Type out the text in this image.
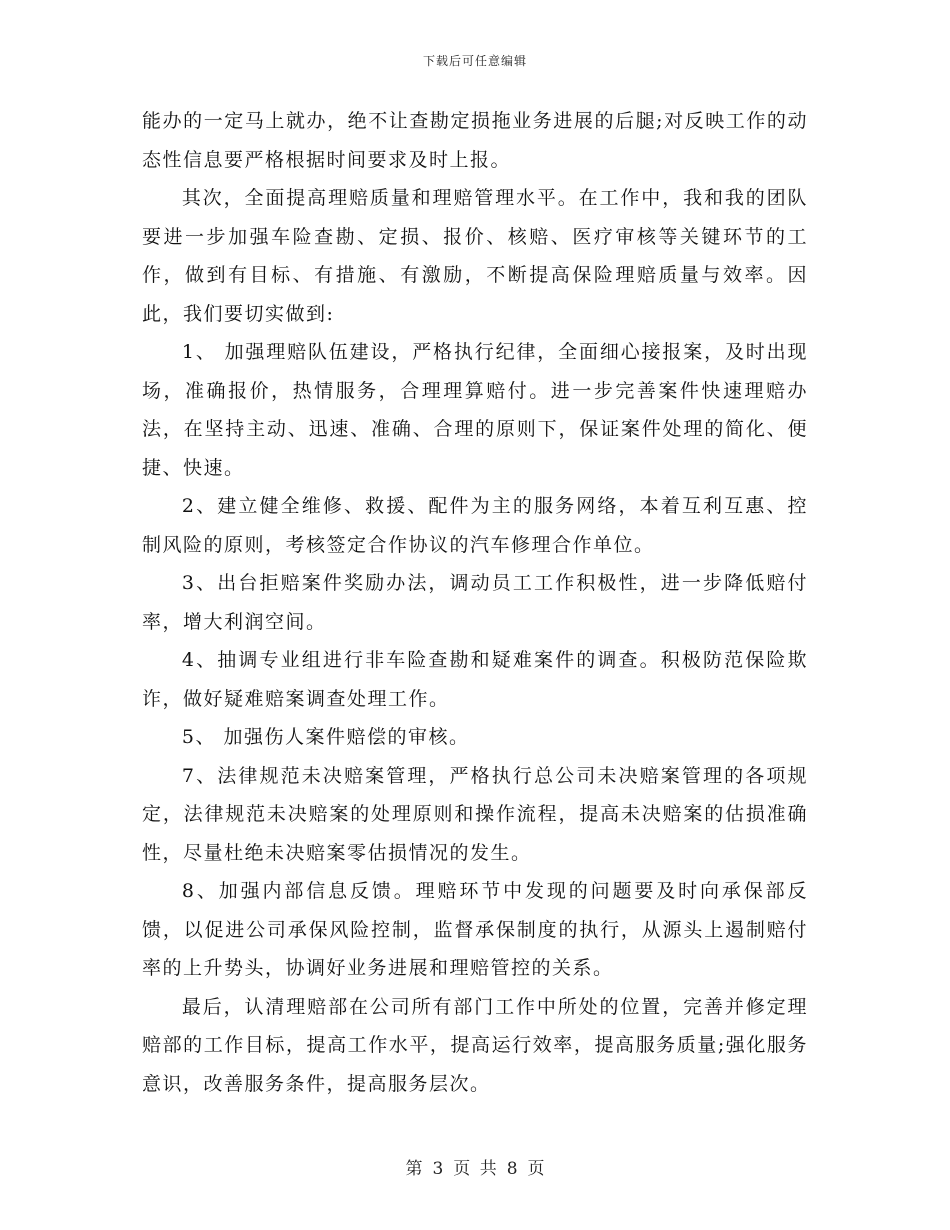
下载后可任意编辑

能办的一定马上就办，绝不让查勘定损拖业务进展的后腿;对反映工作的动态性信息要严格根据时间要求及时上报。

其次，全面提高理赔质量和理赔管理水平。在工作中，我和我的团队要进一步加强车险查勘、定损、报价、核赔、医疗审核等关键环节的工作，做到有目标、有措施、有激励，不断提高保险理赔质量与效率。因此，我们要切实做到:

1、 加强理赔队伍建设，严格执行纪律，全面细心接报案，及时出现场，准确报价，热情服务，合理理算赔付。进一步完善案件快速理赔办法，在坚持主动、迅速、准确、合理的原则下，保证案件处理的简化、便捷、快速。

2、建立健全维修、救援、配件为主的服务网络，本着互利互惠、控制风险的原则，考核签定合作协议的汽车修理合作单位。

3、出台拒赔案件奖励办法，调动员工工作积极性，进一步降低赔付率，增大利润空间。

4、抽调专业组进行非车险查勘和疑难案件的调查。积极防范保险欺诈，做好疑难赔案调查处理工作。

5、 加强伤人案件赔偿的审核。

7、法律规范未决赔案管理，严格执行总公司未决赔案管理的各项规定，法律规范未决赔案的处理原则和操作流程，提高未决赔案的估损准确性，尽量杜绝未决赔案零估损情况的发生。

8、加强内部信息反馈。理赔环节中发现的问题要及时向承保部反馈，以促进公司承保风险控制，监督承保制度的执行，从源头上遏制赔付率的上升势头，协调好业务进展和理赔管控的关系。

最后，认清理赔部在公司所有部门工作中所处的位置，完善并修定理赔部的工作目标，提高工作水平，提高运行效率，提高服务质量;强化服务意识，改善服务条件，提高服务层次。

第 3 页 共 8 页
